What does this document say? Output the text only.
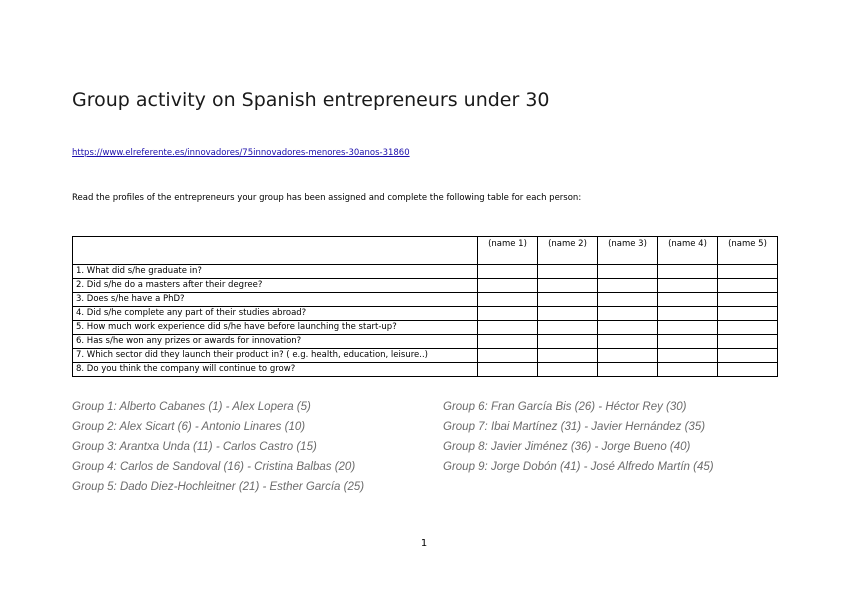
Group activity on Spanish entrepreneurs under 30
https://www.elreferente.es/innovadores/75innovadores-menores-30anos-31860
Read the profiles of the entrepreneurs your group has been assigned and complete the following table for each person:
	(name 1)	(name 2)	(name 3)	(name 4)	(name 5)
1. What did s/he graduate in?					
2. Did s/he do a masters after their degree?					
3. Does s/he have a PhD?					
4. Did s/he complete any part of their studies abroad?					
5. How much work experience did s/he have before launching the start-up?					
6. Has s/he won any prizes or awards for innovation?					
7. Which sector did they launch their product in? ( e.g. health, education, leisure..)					
8. Do you think the company will continue to grow?					
Group 1: Alberto Cabanes (1) - Alex Lopera (5)
Group 2: Alex Sicart (6) - Antonio Linares (10)
Group 3: Arantxa Unda (11) - Carlos Castro (15)
Group 4: Carlos de Sandoval (16) - Cristina Balbas (20)
Group 5: Dado Diez-Hochleitner (21) - Esther García (25)
Group 6: Fran García Bis (26) - Héctor Rey (30)
Group 7: Ibai Martínez (31) - Javier Hernández (35)
Group 8: Javier Jiménez (36) - Jorge Bueno (40)
Group 9: Jorge Dobón (41) - José Alfredo Martín (45)
1
